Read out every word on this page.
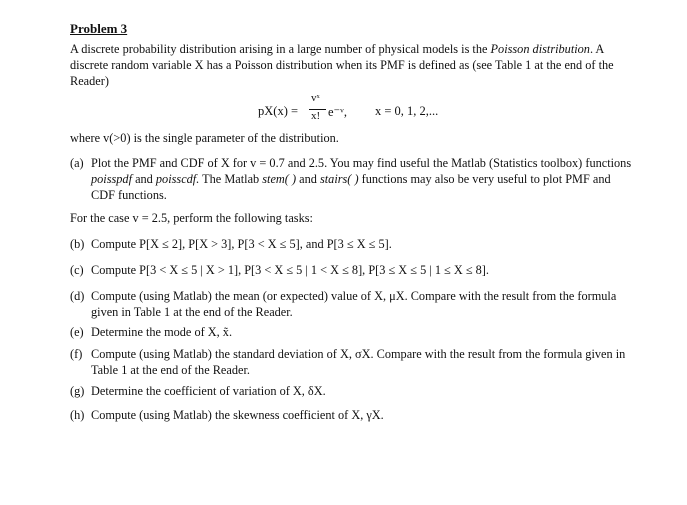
Problem 3
A discrete probability distribution arising in a large number of physical models is the Poisson distribution. A discrete random variable X has a Poisson distribution when its PMF is defined as (see Table 1 at the end of the Reader)
pX(x) =
vˣ
x! e⁻ᵛ, x = 0, 1, 2,...
where v(>0) is the single parameter of the distribution.
(a) Plot the PMF and CDF of X for v = 0.7 and 2.5. You may find useful the Matlab (Statistics toolbox) functions
poisspdf and poisscdf. The Matlab stem( ) and stairs( ) functions may also be very useful to plot PMF and
CDF functions.
For the case v = 2.5, perform the following tasks:
(b) Compute P[X ≤ 2], P[X > 3], P[3 < X ≤ 5], and P[3 ≤ X ≤ 5].
(c) Compute P[3 < X ≤ 5 | X > 1], P[3 < X ≤ 5 | 1 < X ≤ 8], P[3 ≤ X ≤ 5 | 1 ≤ X ≤ 8].
(d) Compute (using Matlab) the mean (or expected) value of X, μX. Compare with the result from the formula
given in Table 1 at the end of the Reader.
(e) Determine the mode of X, x̃.
(f) Compute (using Matlab) the standard deviation of X, σX. Compare with the result from the formula given in
Table 1 at the end of the Reader.
(g) Determine the coefficient of variation of X, δX.
(h) Compute (using Matlab) the skewness coefficient of X, γX.
